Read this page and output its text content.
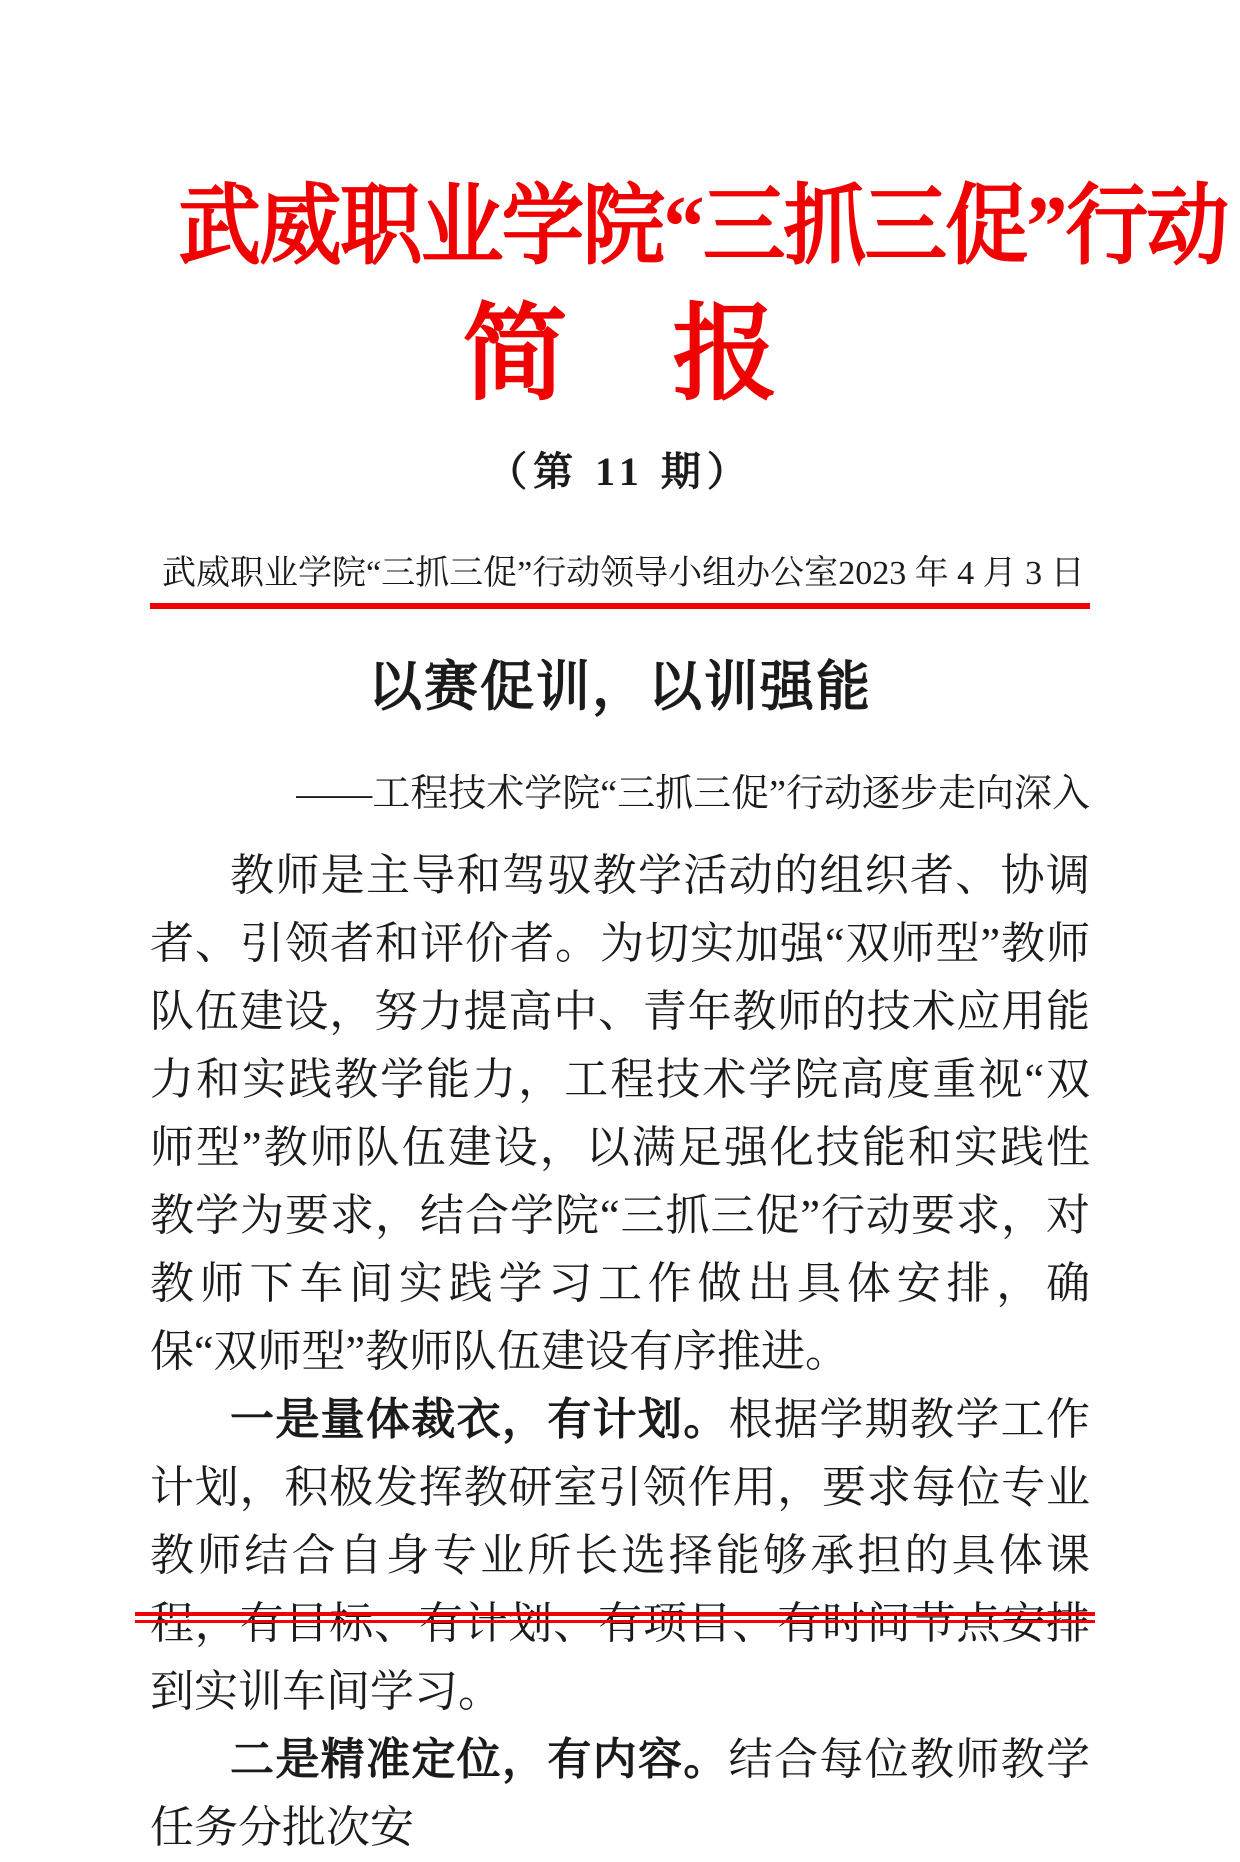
武威职业学院“三抓三促”行动
简　报
（第 11 期）
武威职业学院“三抓三促”行动领导小组办公室 2023 年 4 月 3 日
以赛促训，以训强能
——工程技术学院“三抓三促”行动逐步走向深入

教师是主导和驾驭教学活动的组织者、协调者、引领者和评价者。为切实加强“双师型”教师队伍建设，努力提高中、青年教师的技术应用能力和实践教学能力，工程技术学院高度重视“双师型”教师队伍建设，以满足强化技能和实践性教学为要求，结合学院“三抓三促”行动要求，对教师下车间实践学习工作做出具体安排，确保“双师型”教师队伍建设有序推进。

一是量体裁衣，有计划。根据学期教学工作计划，积极发挥教研室引领作用，要求每位专业教师结合自身专业所长选择能够承担的具体课程，有目标、有计划、有项目、有时间节点安排到实训车间学习。

二是精准定位，有内容。结合每位教师教学任务分批次安
